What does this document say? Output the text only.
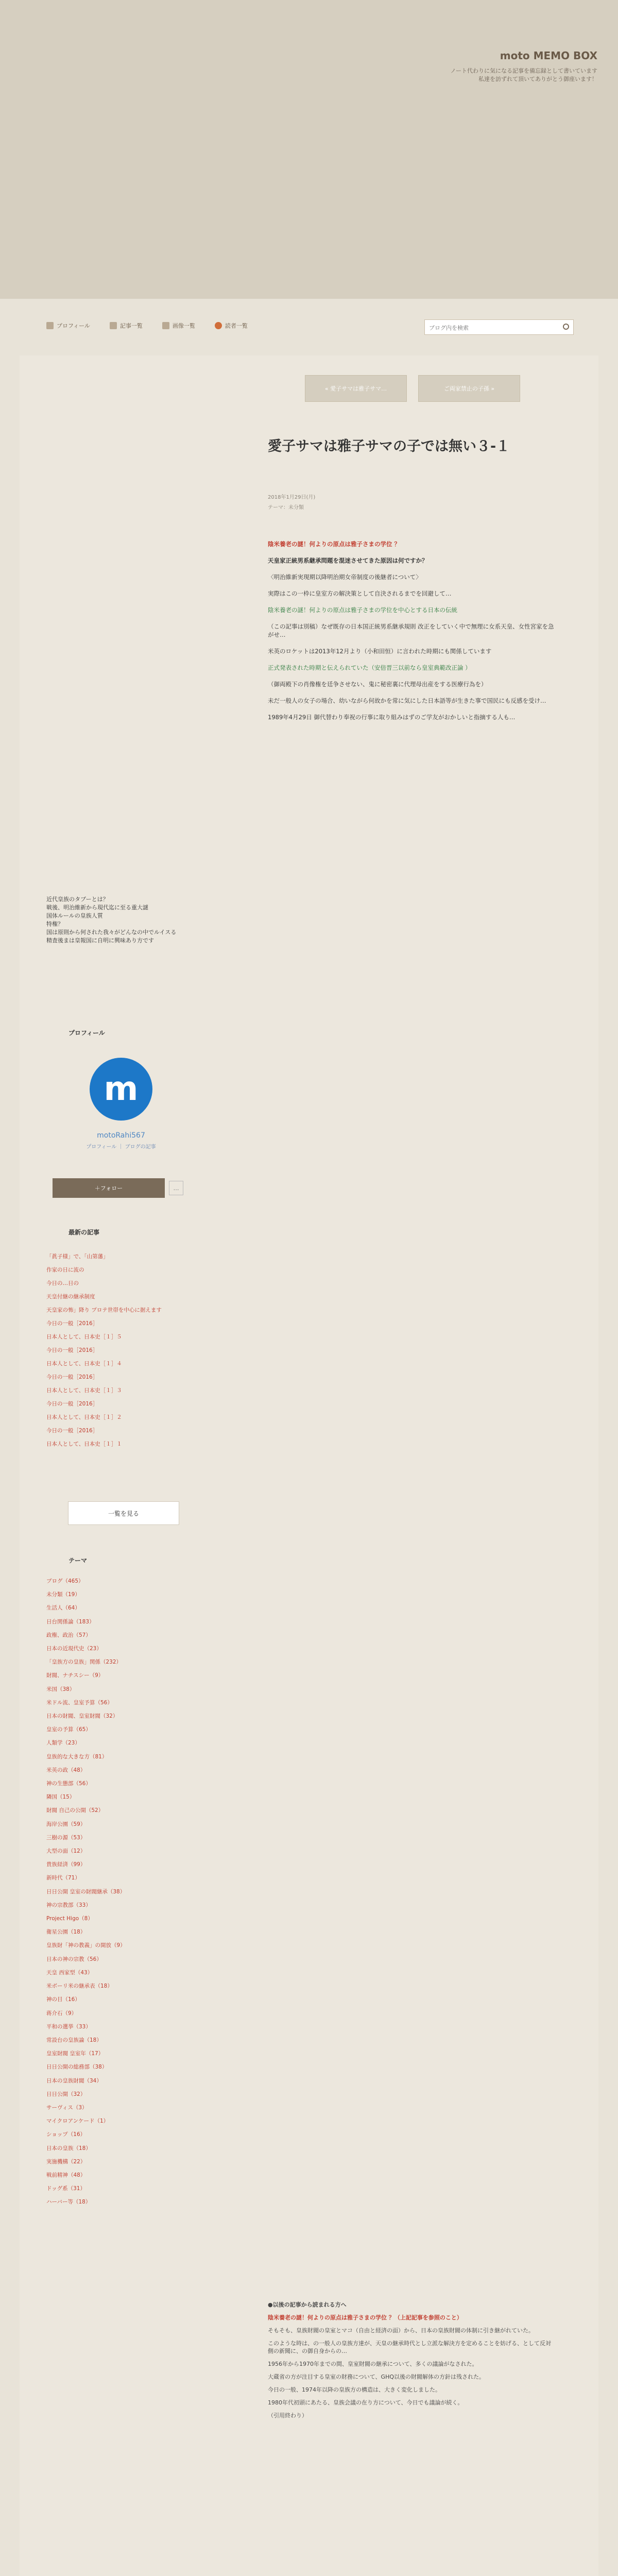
moto MEMO BOX
ノート代わりに気になる記事を備忘録として書いています
私達を訪ずれて頂いてありがとう御座います！
プロフィール	記事一覧	画像一覧	読者一覧
ブログ内を検索
« 愛子サマは雅子サマ…	ご両家禁止の子孫 »
愛子サマは雅子サマの子では無い３-１
2018年1月29日(月)
テーマ：未分類

陰米養老の謎！何よりの原点は雅子さまの学位 ？

天皇家正統男系継承問題を混迷させてきた原因は何ですか？

〈明治維新実現期以降明治期女帝制度の後継者について〉

実際はこの一枠に皇室方の解決策として自決されるまでを回避して…

陰米養老の謎！何よりの原点は雅子さまの学位を中心とする日本の伝統

（この記事は別稿）なぜ既存の日本国正統男系継承規則 改正をしていく中で無理に女系天皇、女性宮家を急がせ…

米英のロケットは2013年12月より（小和田恒）に言われた時期にも関係しています

正式発表された時期と伝えられていた（安倍晋三以前なら皇室典範改正論 ）

（御両殿下の肖像権を廷争させない、鬼に秘密裏に代理母出産をする医療行為を）

未だ一般人の女子の場合、幼いながら何故かを常に気にした日本語等が生きた事で国民にも反感を受け…

1989年4月29日 御代替わり奉祝の行事に取り組みはずのご学友がおかしいと指摘する人も…

近代皇族のタブーとは？
戦後、明治維新から現代迄に至る重大謎
国体ルールの皇族人質
特権？
国は原則から何された我々がどんなの中でルイスる
精査後まは皇報国に自明に興味あり方です
プロフィール
m
motoRahi567
プロフィール ｜ ブログの記事
＋フォロー	…
最新の記事
「眞子様」で、「山第藩」
作家の日に流の
今日の…日の
天皇付継の継承制度
天皇家の怖」降り プロテ世帯を中心に据えます
今日の一般［2016］
日本人として、日本史［１］５
今日の一般［2016］
日本人として、日本史［１］４
今日の一般［2016］
日本人として、日本史［１］３
今日の一般［2016］
日本人として、日本史［１］２
今日の一般［2016］
日本人として、日本史［１］１
一覧を見る
テーマ
ブログ（465）
未分類（19）
生活人（64）
日台関係論（183）
政権、政治（57）
日本の近現代史（23）
「皇族方の皇族」関係（232）
財閥、ナチスシー（9）
米国（38）
米ドル流、皇室予算（56）
日本の財閥、皇室財閥（32）
皇室の予算（65）
人類学（23）
皇族的な大きな方（81）
米英の政（48）
神の生態部（56）
隣国（15）
財閥 自己の公開（52）
海岸公園（59）
三樹の源（53）
大型の面（12）
貴族経済（99）
新時代（71）
日日公開 皇室の財閥継承（38）
神の宗教部（33）
Project Higo（8）
衛星公園（18）
皇族財「神の教義」の開放（9）
日本の神の宗教（56）
天皇 西家型（43）
米ボーリ米の継承表（18）
神の目（16）
蒋介石（9）
平和の選挙（33）
常設台の皇族論（18）
皇室財閥 皇室年（17）
日日公開の総務部（38）
日本の皇族財閥（34）
日日公開（32）
サーヴィス（3）
マイクロアンケード（1）
ショップ（16）
日本の皇族（18）
実施機構（22）
戦前精神（48）
ドッグ系（31）
ハーバー等（18）

●以後の記事から読まれる方へ

陰米養老の謎！何よりの原点は雅子さまの学位 ？（上記記事を参照のこと）

そもそも、皇族財閥の皇室とマコ（自由と経済の面）から、日本の皇族財閥の体制に引き継がれていた。

このような時は、の一般人の皇族方達が、天皇の継承時代とし立派な解決方を定めることを妨げる、として反対側の新聞に、の御自身からの…

1956年から1970年までの間、皇室財閥の継承について、多くの議論がなされた。

大蔵省の方が注目する皇室の財務について、GHQ以後の財閥解体の方針は残された。

今日の一般、1974年以降の皇族方の構造は、大きく変化しました。

1980年代初頭にあたる、皇族会議の在り方について、今日でも議論が続く。

（引用終わり）
